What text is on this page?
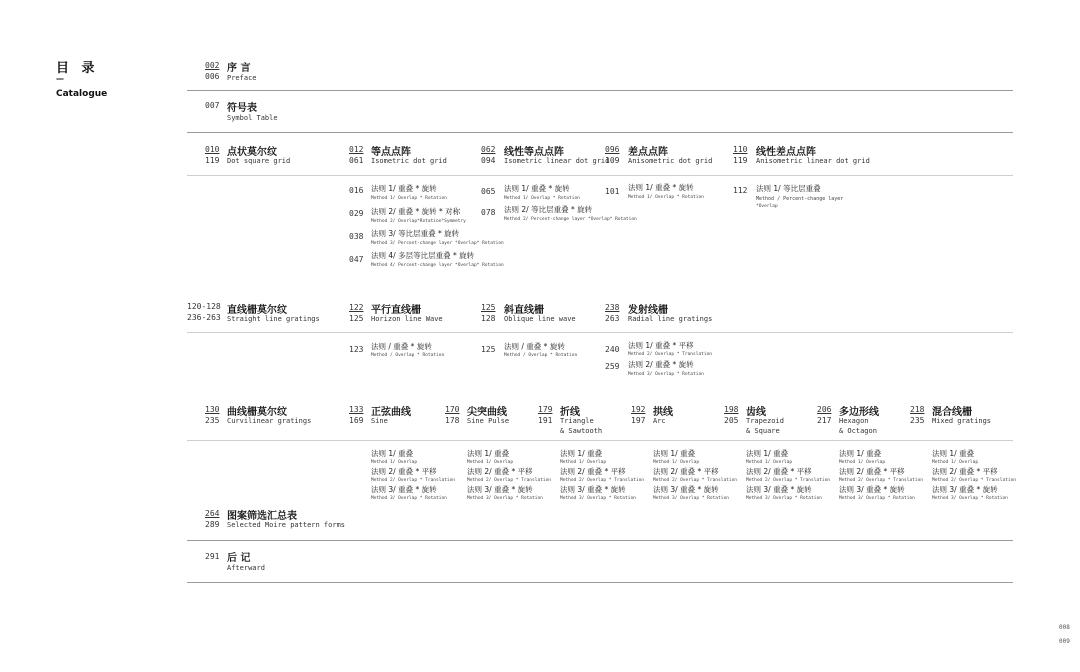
目 录
—
Catalogue
002
006
序 言
Preface
007 符号表
Symbol Table
010
119
点状莫尔纹
Dot square grid
012
061
等点点阵
Isometric dot grid
062
094
线性等点点阵
Isometric linear dot grid
096
109
差点点阵
Anisometric dot grid
110
119
线性差点点阵
Anisometric linear dot grid
016 法则 1/ 重叠 * 旋转
Method 1/ Overlap * Rotation
029 法则 2/ 重叠 * 旋转 * 对称
Method 2/ Overlap*Rotation*Symmetry
038 法则 3/ 等比层重叠 * 旋转
Method 3/ Percent-change layer *Overlap* Rotation
047 法则 4/ 多层等比层重叠 * 旋转
Method 4/ Percent-change layer *Overlap* Rotation
065 法则 1/ 重叠 * 旋转
Method 1/ Overlap * Rotation
078 法则 2/ 等比层重叠 * 旋转
Method 2/ Percent-change layer *Overlap* Rotation
101 法则 1/ 重叠 * 旋转
Method 1/ Overlap * Rotation
112 法则 1/ 等比层重叠
Method / Percent-change layer
*Overlap
120-128
236-263
直线栅莫尔纹
Straight line gratings
122
125
平行直线栅
Horizon line Wave
125
128
斜直线栅
Oblique line wave
238
263
发射线栅
Radial line gratings
123 法则 / 重叠 * 旋转
Method / Overlap * Rotation
125 法则 / 重叠 * 旋转
Method / Overlap * Rotation
240 法则 1/ 重叠 * 平移
Method 2/ Overlap * Translation
259 法则 2/ 重叠 * 旋转
Method 3/ Overlap * Rotation
130
235
曲线栅莫尔纹
Curvilinear gratings
133
169
正弦曲线
Sine
170
178
尖突曲线
Sine Pulse
179
191
折线
Triangle
& Sawtooth
192
197
拱线
Arc
198
205
齿线
Trapezoid
& Square
206
217
多边形线
Hexagon
& Octagon
218
235
混合线栅
Mixed gratings
法则 1/ 重叠
Method 1/ Overlap
法则 2/ 重叠 * 平移
Method 2/ Overlap * Translation
法则 3/ 重叠 * 旋转
Method 3/ Overlap * Rotation
法则 1/ 重叠
Method 1/ Overlap
法则 2/ 重叠 * 平移
Method 2/ Overlap * Translation
法则 3/ 重叠 * 旋转
Method 3/ Overlap * Rotation
法则 1/ 重叠
Method 1/ Overlap
法则 2/ 重叠 * 平移
Method 2/ Overlap * Translation
法则 3/ 重叠 * 旋转
Method 3/ Overlap * Rotation
法则 1/ 重叠
Method 1/ Overlap
法则 2/ 重叠 * 平移
Method 2/ Overlap * Translation
法则 3/ 重叠 * 旋转
Method 3/ Overlap * Rotation
法则 1/ 重叠
Method 1/ Overlap
法则 2/ 重叠 * 平移
Method 2/ Overlap * Translation
法则 3/ 重叠 * 旋转
Method 3/ Overlap * Rotation
法则 1/ 重叠
Method 1/ Overlap
法则 2/ 重叠 * 平移
Method 2/ Overlap * Translation
法则 3/ 重叠 * 旋转
Method 3/ Overlap * Rotation
法则 1/ 重叠
Method 1/ Overlap
法则 2/ 重叠 * 平移
Method 2/ Overlap * Translation
法则 3/ 重叠 * 旋转
Method 3/ Overlap * Rotation
264
289
图案筛选汇总表
Selected Moire pattern forms
291 后 记
Afterward
008
009
